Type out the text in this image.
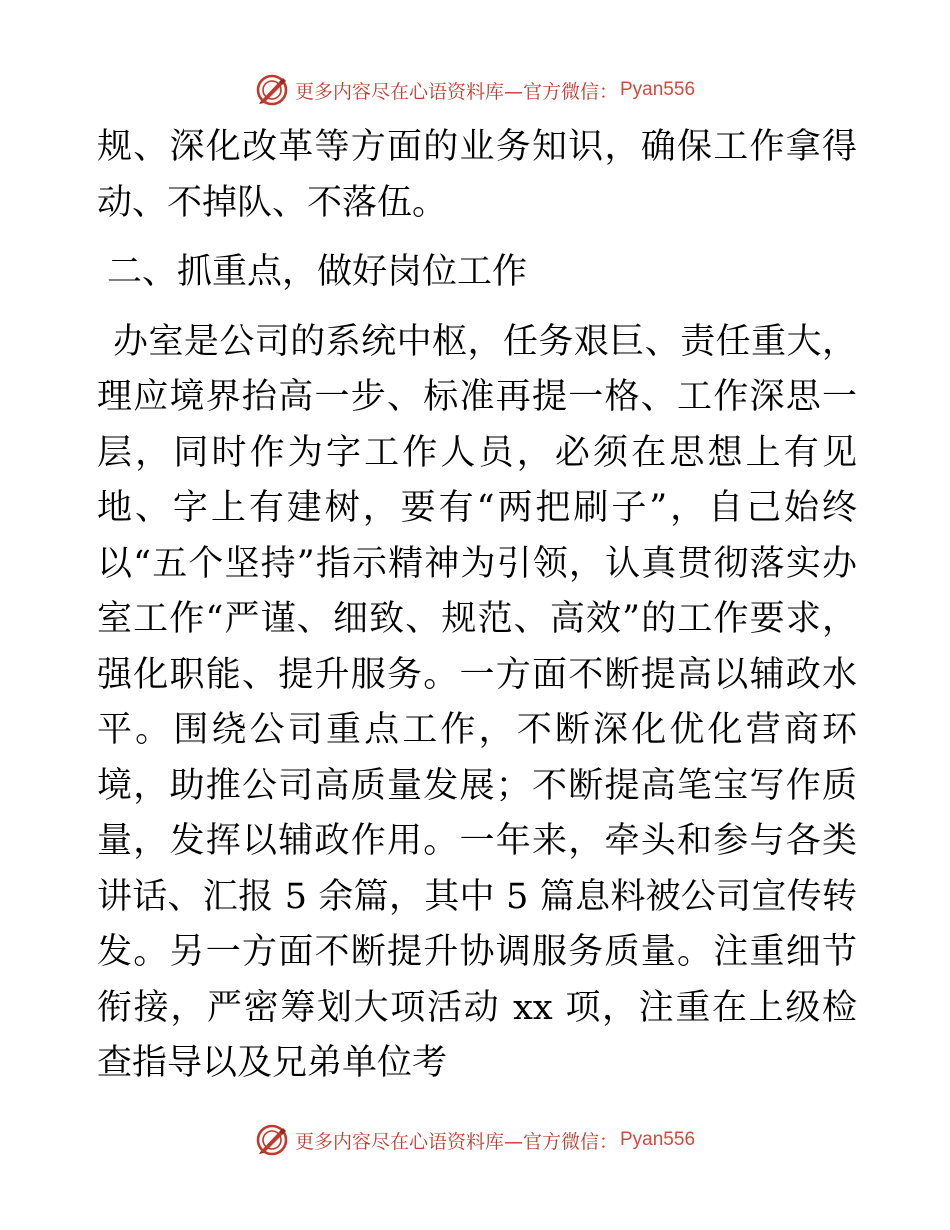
更多内容尽在心语资料库—官方微信： Pyan556

规、深化改革等方面的业务知识，确保工作拿得动、不掉队、不落伍。

二、抓重点，做好岗位工作

办室是公司的系统中枢，任务艰巨、责任重大，理应境界抬高一步、标准再提一格、工作深思一层，同时作为字工作人员，必须在思想上有见地、字上有建树，要有“两把刷子”，自己始终以“五个坚持”指示精神为引领，认真贯彻落实办室工作“严谨、细致、规范、高效”的工作要求，强化职能、提升服务。一方面不断提高以辅政水平。围绕公司重点工作，不断深化优化营商环境，助推公司高质量发展；不断提高笔宝写作质量，发挥以辅政作用。一年来，牵头和参与各类讲话、汇报 5 余篇，其中 5 篇息料被公司宣传转发。另一方面不断提升协调服务质量。注重细节衔接，严密筹划大项活动 xx 项，注重在上级检查指导以及兄弟单位考

更多内容尽在心语资料库—官方微信： Pyan556
